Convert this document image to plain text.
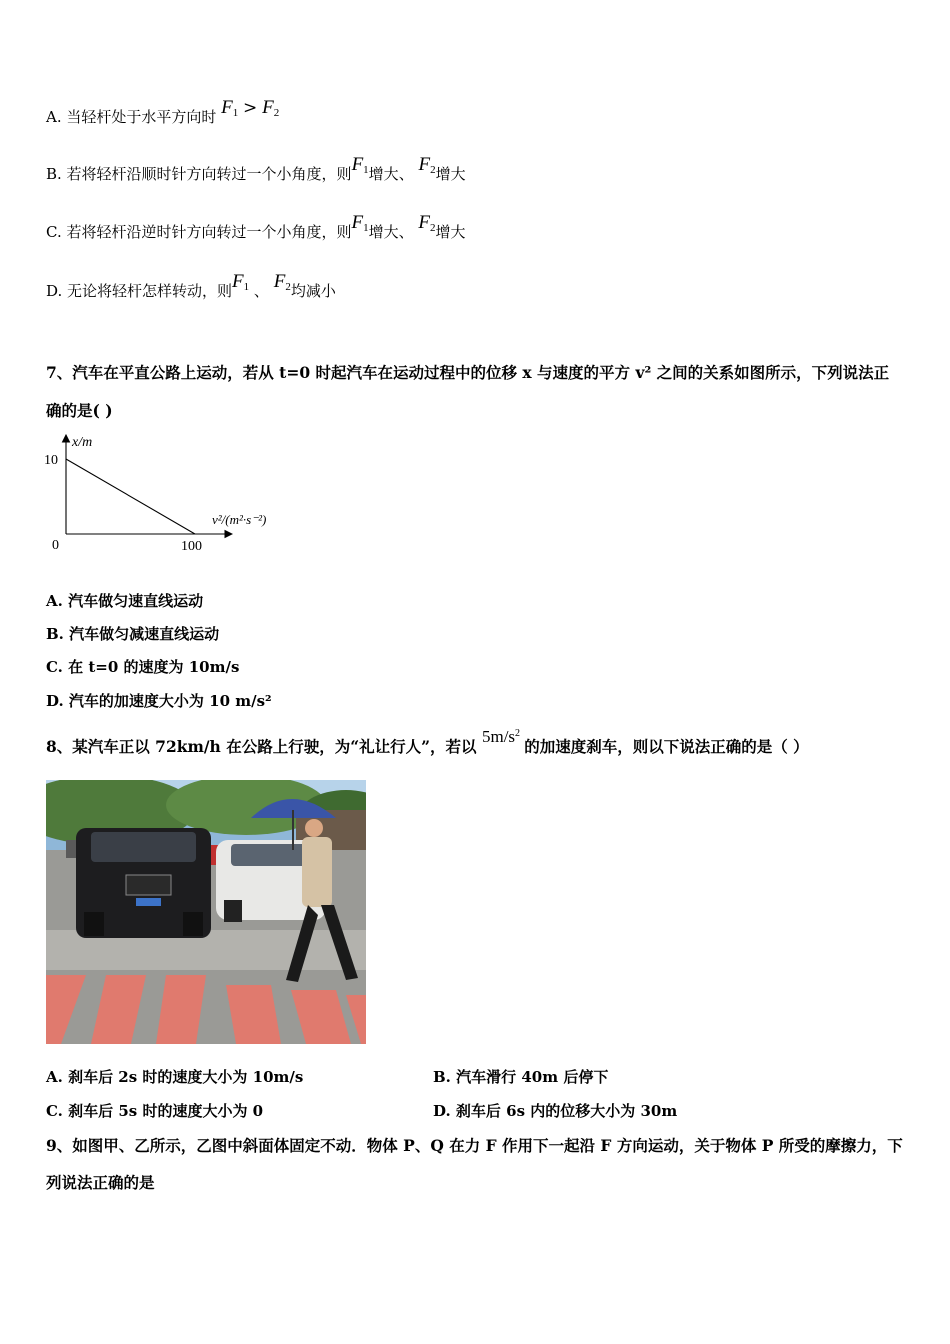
A. 当轻杆处于水平方向时 $F_1 > F_2$
B. 若将轻杆沿顺时针方向转过一个小角度，则$F_1$增大、 $F_2$增大
C. 若将轻杆沿逆时针方向转过一个小角度，则$F_1$增大、 $F_2$增大
D. 无论将轻杆怎样转动，则$F_1$ 、 $F_2$均减小
7、汽车在平直公路上运动，若从 t=0 时起汽车在运动过程中的位移 x 与速度的平方 v² 之间的关系如图所示，下列说法正
确的是( )
x/m
10
0	100
v²/(m²·s⁻²)
A. 汽车做匀速直线运动
B. 汽车做匀减速直线运动
C. 在 t=0 的速度为 10m/s
D. 汽车的加速度大小为 10 m/s²
8、某汽车正以 72km/h 在公路上行驶，为“礼让行人”，若以 $5m/s^2$ 的加速度刹车，则以下说法正确的是（ ）
A. 刹车后 2s 时的速度大小为 10m/s	B. 汽车滑行 40m 后停下
C. 刹车后 5s 时的速度大小为 0	D. 刹车后 6s 内的位移大小为 30m
9、如图甲、乙所示，乙图中斜面体固定不动．物体 P、Q 在力 F 作用下一起沿 F 方向运动，关于物体 P 所受的摩擦力，下
列说法正确的是
